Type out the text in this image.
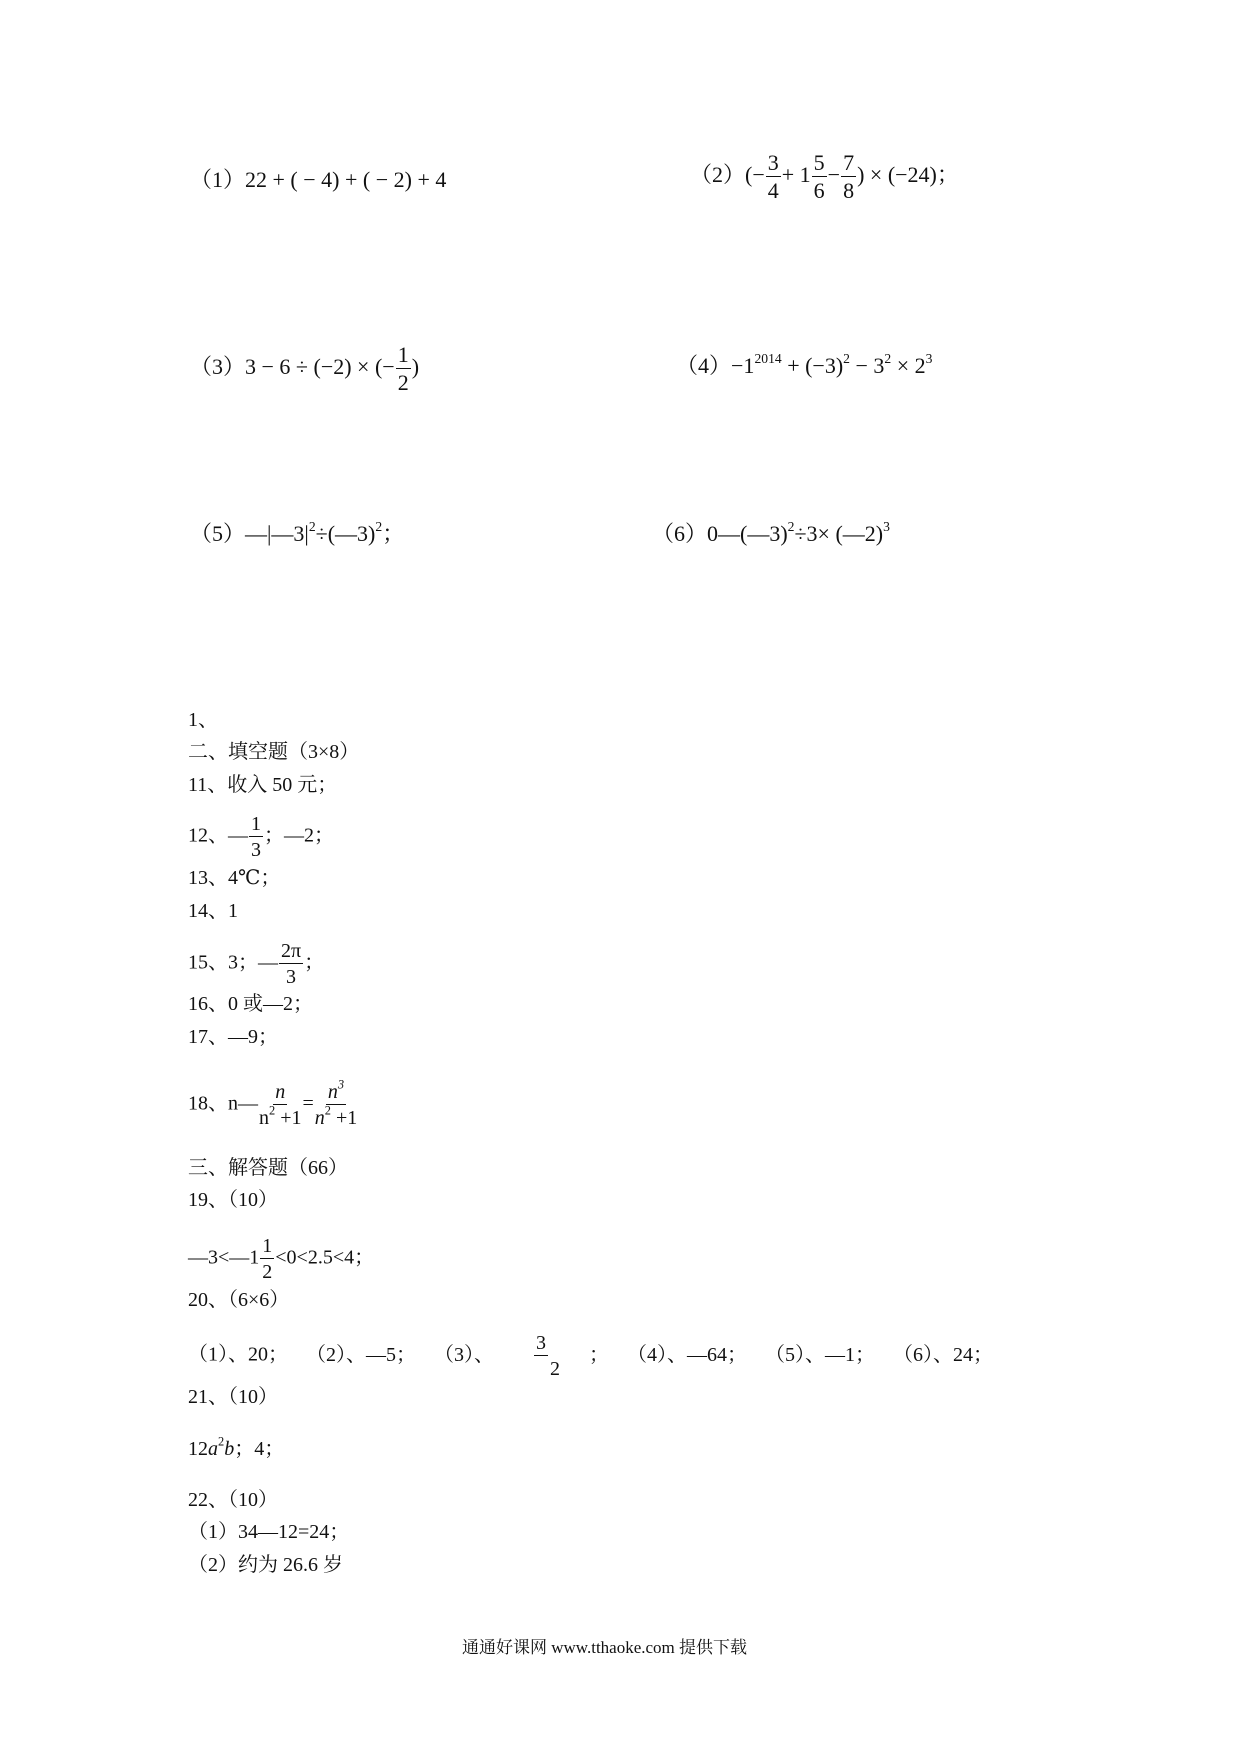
（1）22 + ( − 4) + ( − 2) + 4	$(2)(- \frac{3}{4} + 1 \frac{5}{6} - \frac{7}{8}$ ) × (−24)；
（3）3 − 6 ÷ (−2) × (− $\frac{1}{2}$ )	$(4)-1^{2014} + (-3)^2 - 3^2 \times 2^3$
$(5)—|—3|^2\div(—3)^2$；	（6）0—(—3)$^2$÷3× (—2)$^3$
1、
二、填空题（3×8）
11、收入 50 元；
12、— $\frac{1}{3}$ ；—2；
13、4℃；
14、1
15、3；— $\frac{2\pi}{3}$ ；
16、0 或—2；
17、—9；
18、n— $\frac{n}{n^2 +1} = \frac{n^3}{n^2 +1}$
三、解答题（66）
19、（10）
—3<—1 $\frac{1}{2} <0<2.5<4$；
20、（6×6）
（1）、20； （2）、—5； （3）、
3
2
； （4）、—64； （5）、—1； （6）、24；
21、（10）
$12a^2b$；4；
22、（10）
（1）34—12=24；
（2）约为 26.6 岁
通通好课网 www.tthaoke.com 提供下载
